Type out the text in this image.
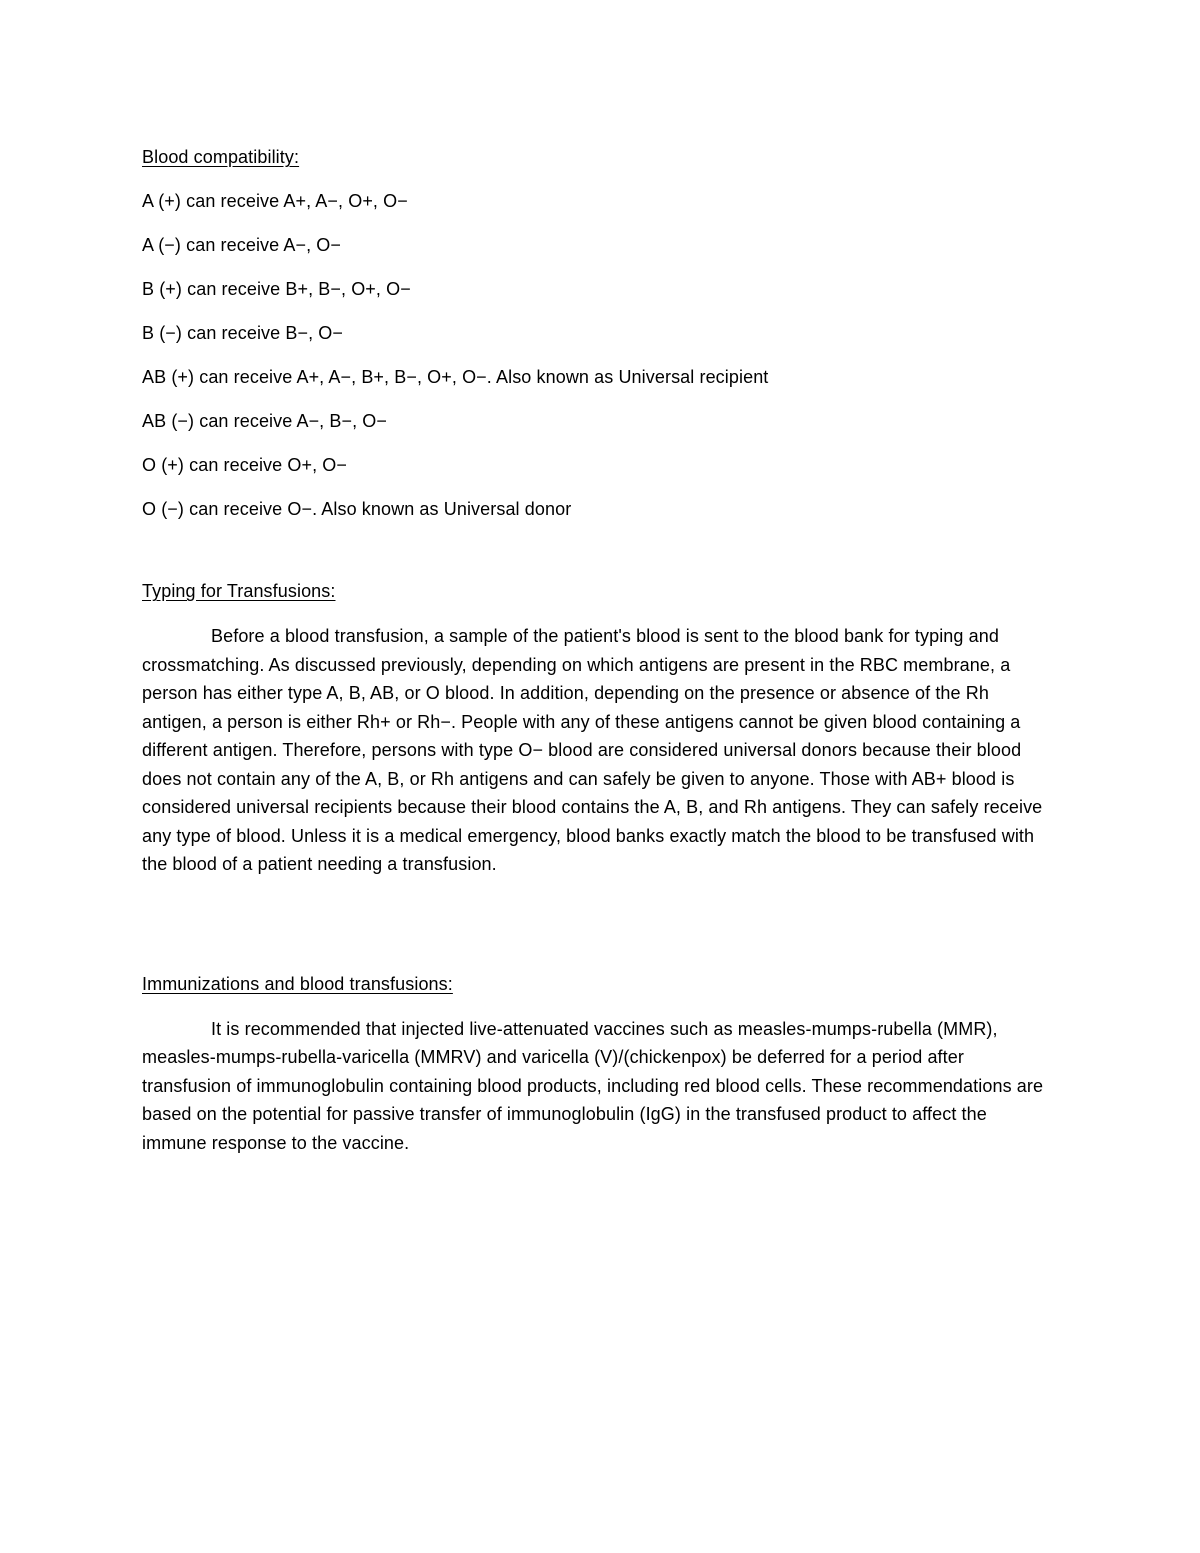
Blood compatibility:
A (+) can receive A+, A−, O+, O−
A (−) can receive A−, O−
B (+) can receive B+, B−, O+, O−
B (−) can receive B−, O−
AB (+) can receive A+, A−, B+, B−, O+, O−. Also known as Universal recipient
AB (−) can receive A−, B−, O−
O (+) can receive O+, O−
O (−) can receive O−. Also known as Universal donor
Typing for Transfusions:

Before a blood transfusion, a sample of the patient's blood is sent to the blood bank for typing and crossmatching. As discussed previously, depending on which antigens are present in the RBC membrane, a person has either type A, B, AB, or O blood. In addition, depending on the presence or absence of the Rh antigen, a person is either Rh+ or Rh−. People with any of these antigens cannot be given blood containing a different antigen. Therefore, persons with type O− blood are considered universal donors because their blood does not contain any of the A, B, or Rh antigens and can safely be given to anyone. Those with AB+ blood is considered universal recipients because their blood contains the A, B, and Rh antigens. They can safely receive any type of blood. Unless it is a medical emergency, blood banks exactly match the blood to be transfused with the blood of a patient needing a transfusion.

Immunizations and blood transfusions:

It is recommended that injected live-attenuated vaccines such as measles-mumps-rubella (MMR), measles-mumps-rubella-varicella (MMRV) and varicella (V)/(chickenpox) be deferred for a period after transfusion of immunoglobulin containing blood products, including red blood cells. These recommendations are based on the potential for passive transfer of immunoglobulin (IgG) in the transfused product to affect the immune response to the vaccine.
